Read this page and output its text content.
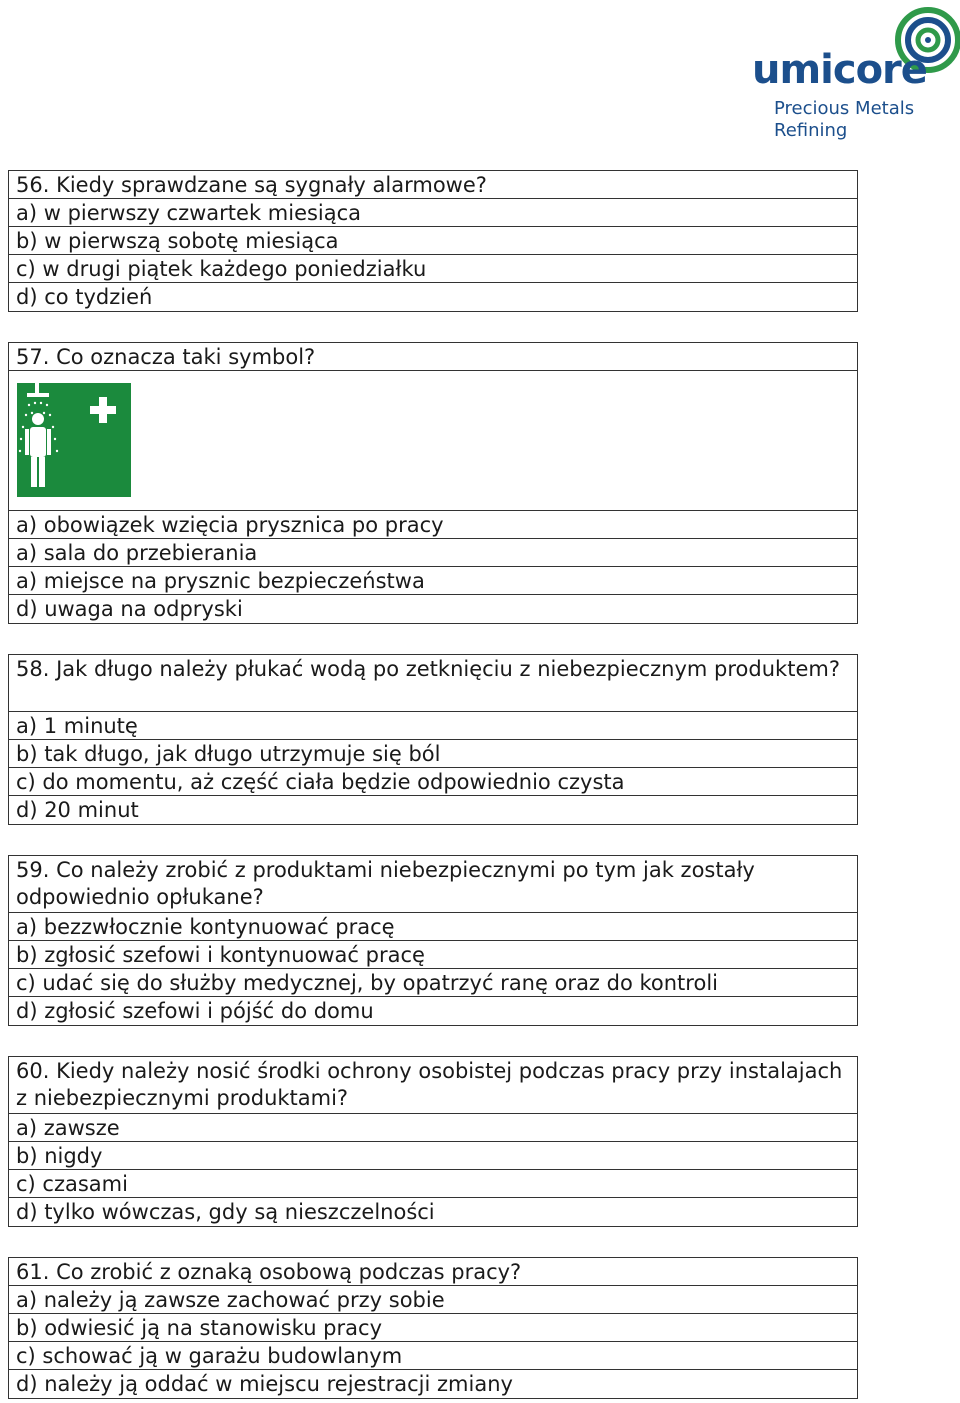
umicore
Precious Metals
Refining
56. Kiedy sprawdzane są sygnały alarmowe?
a) w pierwszy czwartek miesiąca
b) w pierwszą sobotę miesiąca
c) w drugi piątek każdego poniedziałku
d) co tydzień
57. Co oznacza taki symbol?
a) obowiązek wzięcia prysznica po pracy
a) sala do przebierania
a) miejsce na prysznic bezpieczeństwa
d) uwaga na odpryski
58. Jak długo należy płukać wodą po zetknięciu z niebezpiecznym produktem?
a) 1 minutę
b) tak długo, jak długo utrzymuje się ból
c) do momentu, aż część ciała będzie odpowiednio czysta
d) 20 minut
59. Co należy zrobić z produktami niebezpiecznymi po tym jak zostały odpowiednio opłukane?
a) bezzwłocznie kontynuować pracę
b) zgłosić szefowi i kontynuować pracę
c) udać się do służby medycznej, by opatrzyć ranę oraz do kontroli
d) zgłosić szefowi i pójść do domu
60. Kiedy należy nosić środki ochrony osobistej podczas pracy przy instalajach z niebezpiecznymi produktami?
a) zawsze
b) nigdy
c) czasami
d) tylko wówczas, gdy są nieszczelności
61. Co zrobić z oznaką osobową podczas pracy?
a) należy ją zawsze zachować przy sobie
b) odwiesić ją na stanowisku pracy
c) schować ją w garażu budowlanym
d) należy ją oddać w miejscu rejestracji zmiany
